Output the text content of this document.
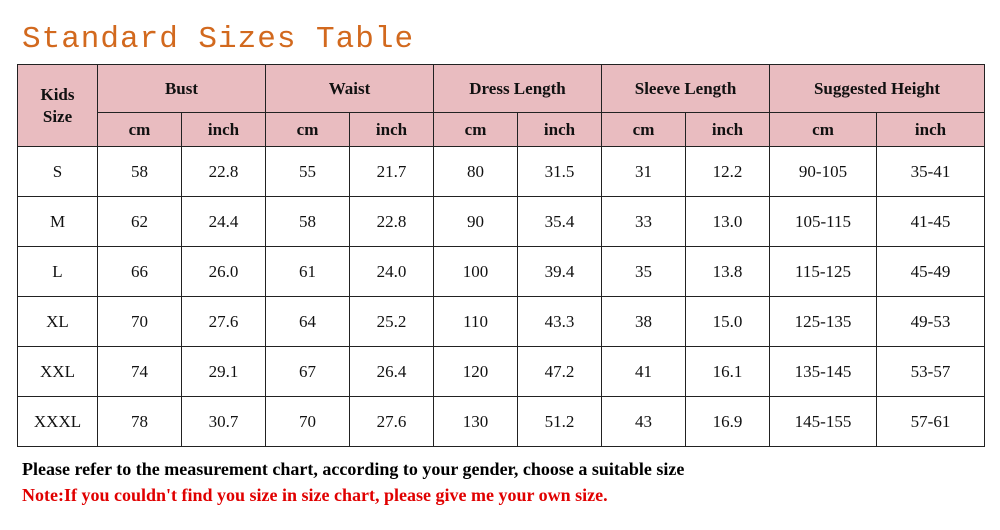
Standard Sizes Table
Kids
Size	Bust		Waist		Dress Length		Sleeve Length		Suggested Height	
	cm	inch	cm	inch	cm	inch	cm	inch	cm	inch
S	58	22.8	55	21.7	80	31.5	31	12.2	90-105	35-41
M	62	24.4	58	22.8	90	35.4	33	13.0	105-115	41-45
L	66	26.0	61	24.0	100	39.4	35	13.8	115-125	45-49
XL	70	27.6	64	25.2	110	43.3	38	15.0	125-135	49-53
XXL	74	29.1	67	26.4	120	47.2	41	16.1	135-145	53-57
XXXL	78	30.7	70	27.6	130	51.2	43	16.9	145-155	57-61
Please refer to the measurement chart, according to your gender, choose a suitable size
Note:If you couldn't find you size in size chart, please give me your own size.
